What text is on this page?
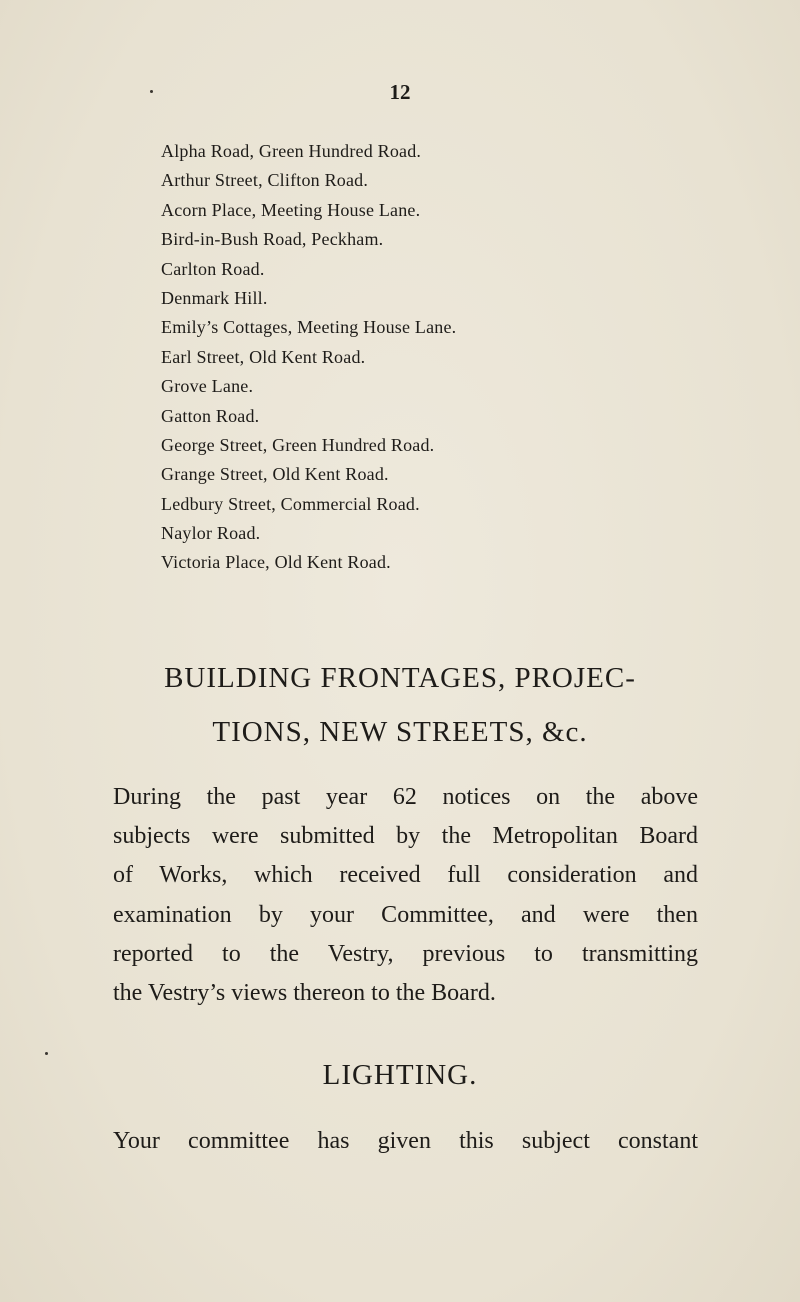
12
Alpha Road, Green Hundred Road.
Arthur Street, Clifton Road.
Acorn Place, Meeting House Lane.
Bird-in-Bush Road, Peckham.
Carlton Road.
Denmark Hill.
Emily’s Cottages, Meeting House Lane.
Earl Street, Old Kent Road.
Grove Lane.
Gatton Road.
George Street, Green Hundred Road.
Grange Street, Old Kent Road.
Ledbury Street, Commercial Road.
Naylor Road.
Victoria Place, Old Kent Road.
BUILDING FRONTAGES, PROJEC-
TIONS, NEW STREETS, &c.

During the past year 62 notices on the above
subjects were submitted by the Metropolitan Board
of Works, which received full consideration and
examination by your Committee, and were then
reported to the Vestry, previous to transmitting
the Vestry’s views thereon to the Board.

LIGHTING.

Your committee has given this subject constant
